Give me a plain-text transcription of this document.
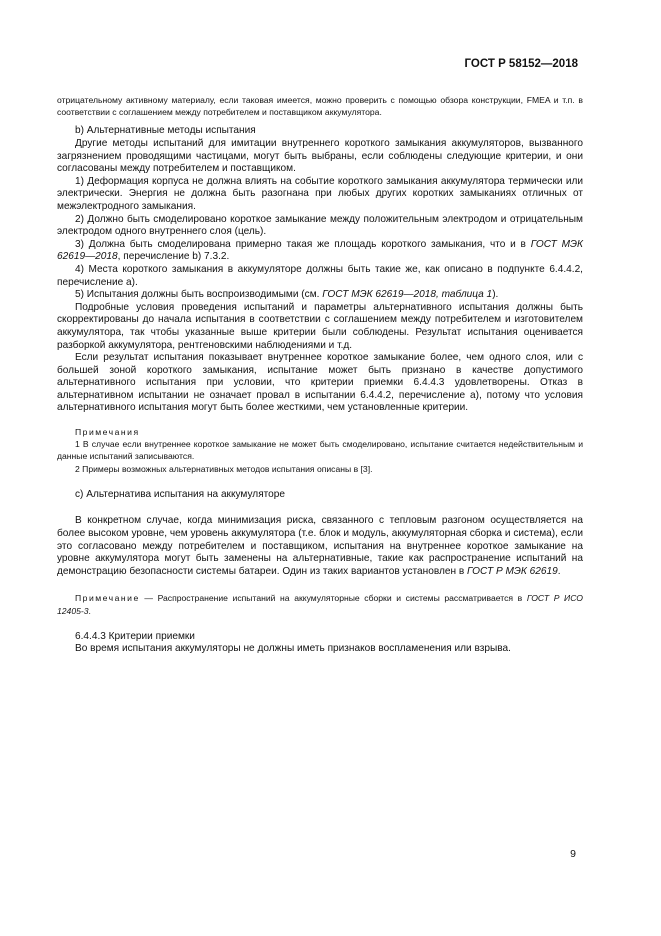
ГОСТ Р 58152—2018

отрицательному активному материалу, если таковая имеется, можно проверить с помощью обзора конструкции, FMEA и т.п. в соответствии с соглашением между потребителем и поставщиком аккумулятора.

b) Альтернативные методы испытания

Другие методы испытаний для имитации внутреннего короткого замыкания аккумуляторов, вызванного загрязнением проводящими частицами, могут быть выбраны, если соблюдены следующие критерии, и они согласованы между потребителем и поставщиком.

1) Деформация корпуса не должна влиять на событие короткого замыкания аккумулятора термически или электрически. Энергия не должна быть разогнана при любых других коротких замыканиях отличных от межэлектродного замыкания.

2) Должно быть смоделировано короткое замыкание между положительным электродом и отрицательным электродом одного внутреннего слоя (цель).

3) Должна быть смоделирована примерно такая же площадь короткого замыкания, что и в ГОСТ МЭК 62619—2018, перечисление b) 7.3.2.

4) Места короткого замыкания в аккумуляторе должны быть такие же, как описано в подпункте 6.4.4.2, перечисление а).

5) Испытания должны быть воспроизводимыми (см. ГОСТ МЭК 62619—2018, таблица 1).

Подробные условия проведения испытаний и параметры альтернативного испытания должны быть скорректированы до начала испытания в соответствии с соглашением между потребителем и изготовителем аккумулятора, так чтобы указанные выше критерии были соблюдены. Результат испытания оценивается разборкой аккумулятора, рентгеновскими наблюдениями и т.д.

Если результат испытания показывает внутреннее короткое замыкание более, чем одного слоя, или с большей зоной короткого замыкания, испытание может быть признано в качестве допустимого альтернативного испытания при условии, что критерии приемки 6.4.4.3 удовлетворены. Отказ в альтернативном испытании не означает провал в испытании 6.4.4.2, перечисление а), потому что условия альтернативного испытания могут быть более жесткими, чем установленные критерии.

Примечания

1 В случае если внутреннее короткое замыкание не может быть смоделировано, испытание считается недействительным и данные испытаний записываются.

2 Примеры возможных альтернативных методов испытания описаны в [3].

c) Альтернатива испытания на аккумуляторе

В конкретном случае, когда минимизация риска, связанного с тепловым разгоном осуществляется на более высоком уровне, чем уровень аккумулятора (т.е. блок и модуль, аккумуляторная сборка и система), если это согласовано между потребителем и поставщиком, испытания на внутреннее короткое замыкание на уровне аккумулятора могут быть заменены на альтернативные, такие как распространение испытаний на демонстрацию безопасности системы батареи. Один из таких вариантов установлен в ГОСТ Р МЭК 62619.

Примечание — Распространение испытаний на аккумуляторные сборки и системы рассматривается в ГОСТ Р ИСО 12405-3.

6.4.4.3 Критерии приемки

Во время испытания аккумуляторы не должны иметь признаков воспламенения или взрыва.

9
